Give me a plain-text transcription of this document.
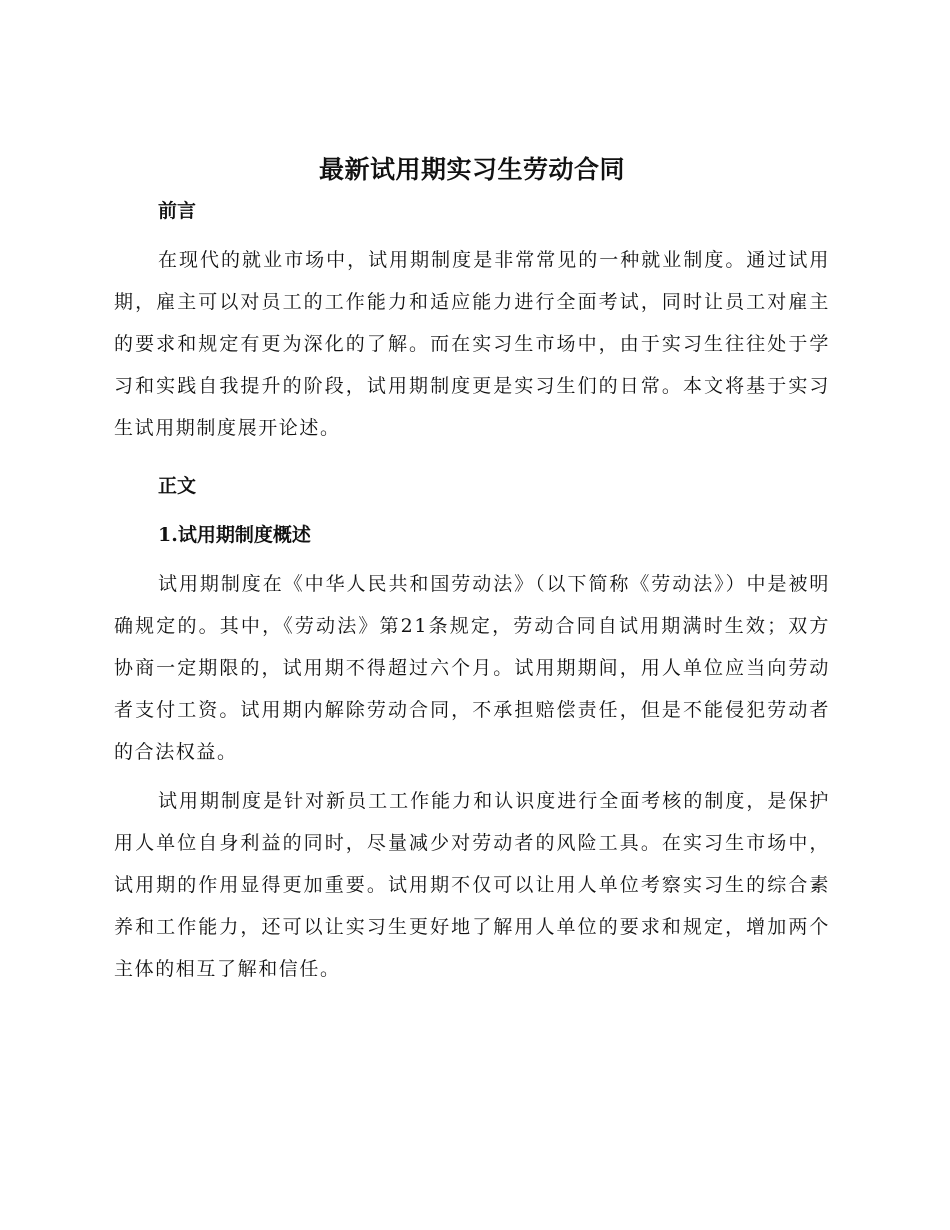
最新试用期实习生劳动合同
前言

在现代的就业市场中，试用期制度是非常常见的一种就业制度。通过试用期，雇主可以对员工的工作能力和适应能力进行全面考试，同时让员工对雇主的要求和规定有更为深化的了解。而在实习生市场中，由于实习生往往处于学习和实践自我提升的阶段，试用期制度更是实习生们的日常。本文将基于实习生试用期制度展开论述。

正文
1.试用期制度概述

试用期制度在《中华人民共和国劳动法》（以下简称《劳动法》）中是被明确规定的。其中，《劳动法》第21条规定，劳动合同自试用期满时生效；双方协商一定期限的，试用期不得超过六个月。试用期期间，用人单位应当向劳动者支付工资。试用期内解除劳动合同，不承担赔偿责任，但是不能侵犯劳动者的合法权益。

试用期制度是针对新员工工作能力和认识度进行全面考核的制度，是保护用人单位自身利益的同时，尽量减少对劳动者的风险工具。在实习生市场中，试用期的作用显得更加重要。试用期不仅可以让用人单位考察实习生的综合素养和工作能力，还可以让实习生更好地了解用人单位的要求和规定，增加两个主体的相互了解和信任。
